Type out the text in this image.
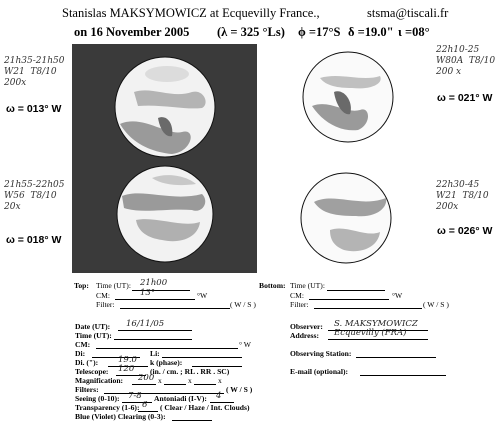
Stanislas MAKSYMOWICZ at Ecquevilly France.,	stsma@tiscali.fr
on 16 November 2005 (λ = 325 °Ls) ϕ =17°S δ =19.0" ι =08°
21h35-21h50
W21  T8/10
200x
ω = 013° W
22h10-25
W80A  T8/10
200 x
ω = 021° W
21h55-22h05
W56  T8/10
20x
ω = 018° W
22h30-45
W21  T8/10
200x
ω = 026° W
Top: Time (UT): 21h00
CM:	13°	°W
Filter:	( W / S )
Bottom: Time (UT):
CM:	°W
Filter:	( W / S )
Date (UT): 16/11/05
Time (UT):
CM:	° W
Di:	Li:
Di. ("): 19.0 k (phase):
Telescope: 120 (in. / cm. ; RL . RR . SC)
Magnification: 200 x	x	x
Filters:	( W / S )
Seeing (0-10): 7-8 Antoniadi (I-V): 4
Transparency (1-6): 6 ( Clear / Haze / Int. Clouds)
Blue (Violet) Clearing (0-3):
Observer: S. MAKSYMOWICZ
Address: Ecquevilly (FRA)
Observing Station:
E-mail (optional):
